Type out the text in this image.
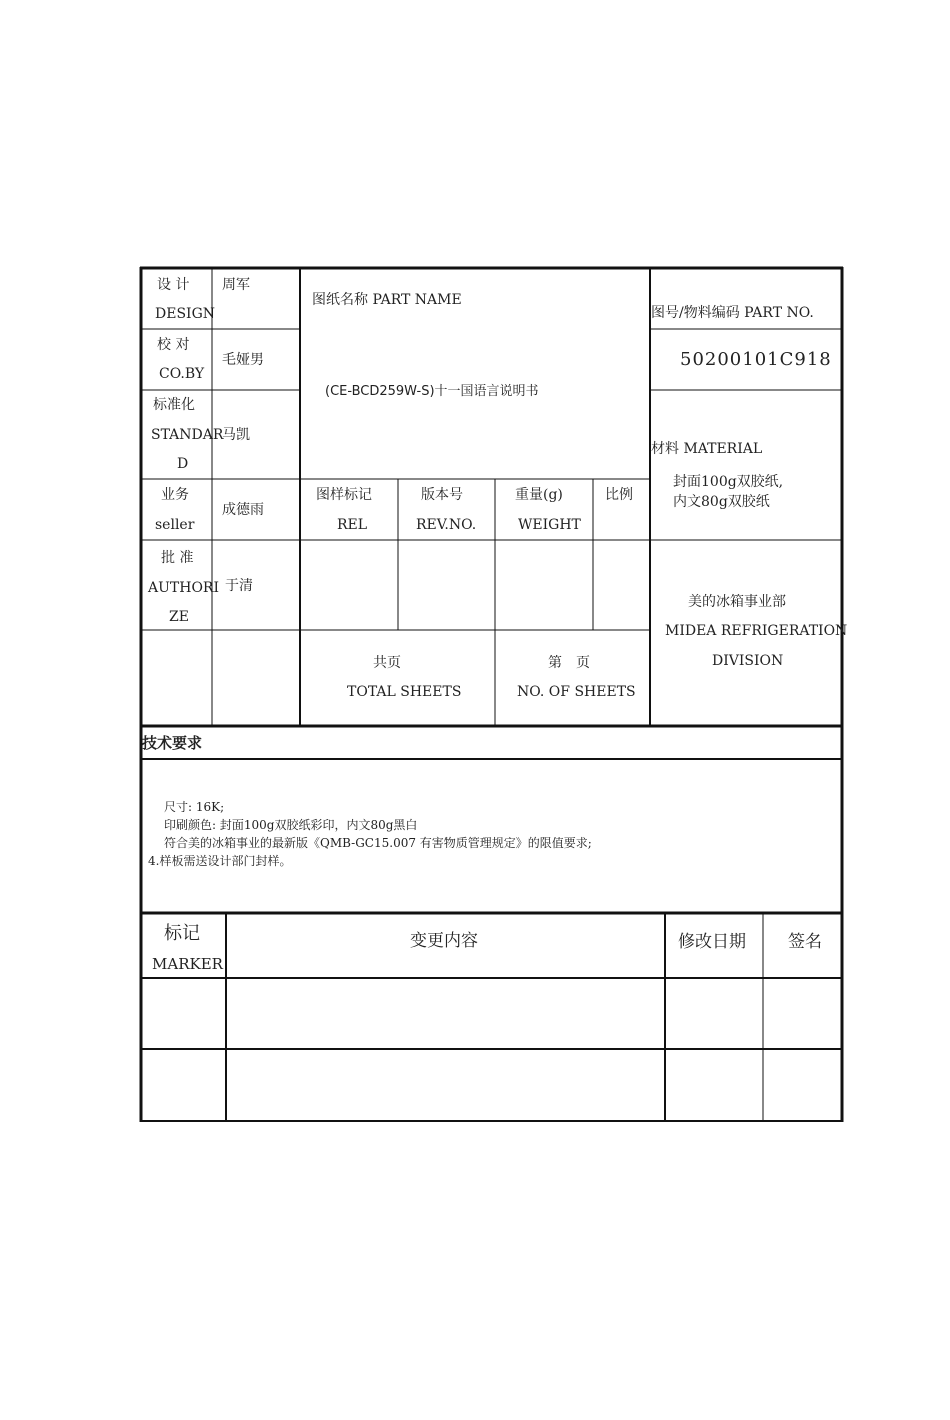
设 计
DESIGN
周军
校 对
CO.BY
毛娅男
标准化
STANDAR
D
马凯
业务
seller
成德雨
批 准
AUTHORI
ZE
于清
图纸名称 PART NAME
(CE-BCD259W-S)十一国语言说明书
图样标记
REL
版本号
REV.NO.
重量(g)
WEIGHT
比例
共页
TOTAL SHEETS
第　页
NO. OF SHEETS
图号/物料编码 PART NO.
50200101C918
材料 MATERIAL
封面100g双胶纸,
内文80g双胶纸
美的冰箱事业部
MIDEA REFRIGERATION
DIVISION
技术要求
尺寸: 16K;
印刷颜色: 封面100g双胶纸彩印，内文80g黑白
符合美的冰箱事业的最新版《QMB-GC15.007 有害物质管理规定》的限值要求;
4.样板需送设计部门封样。
标记
MARKER
变更内容	修改日期 签名
